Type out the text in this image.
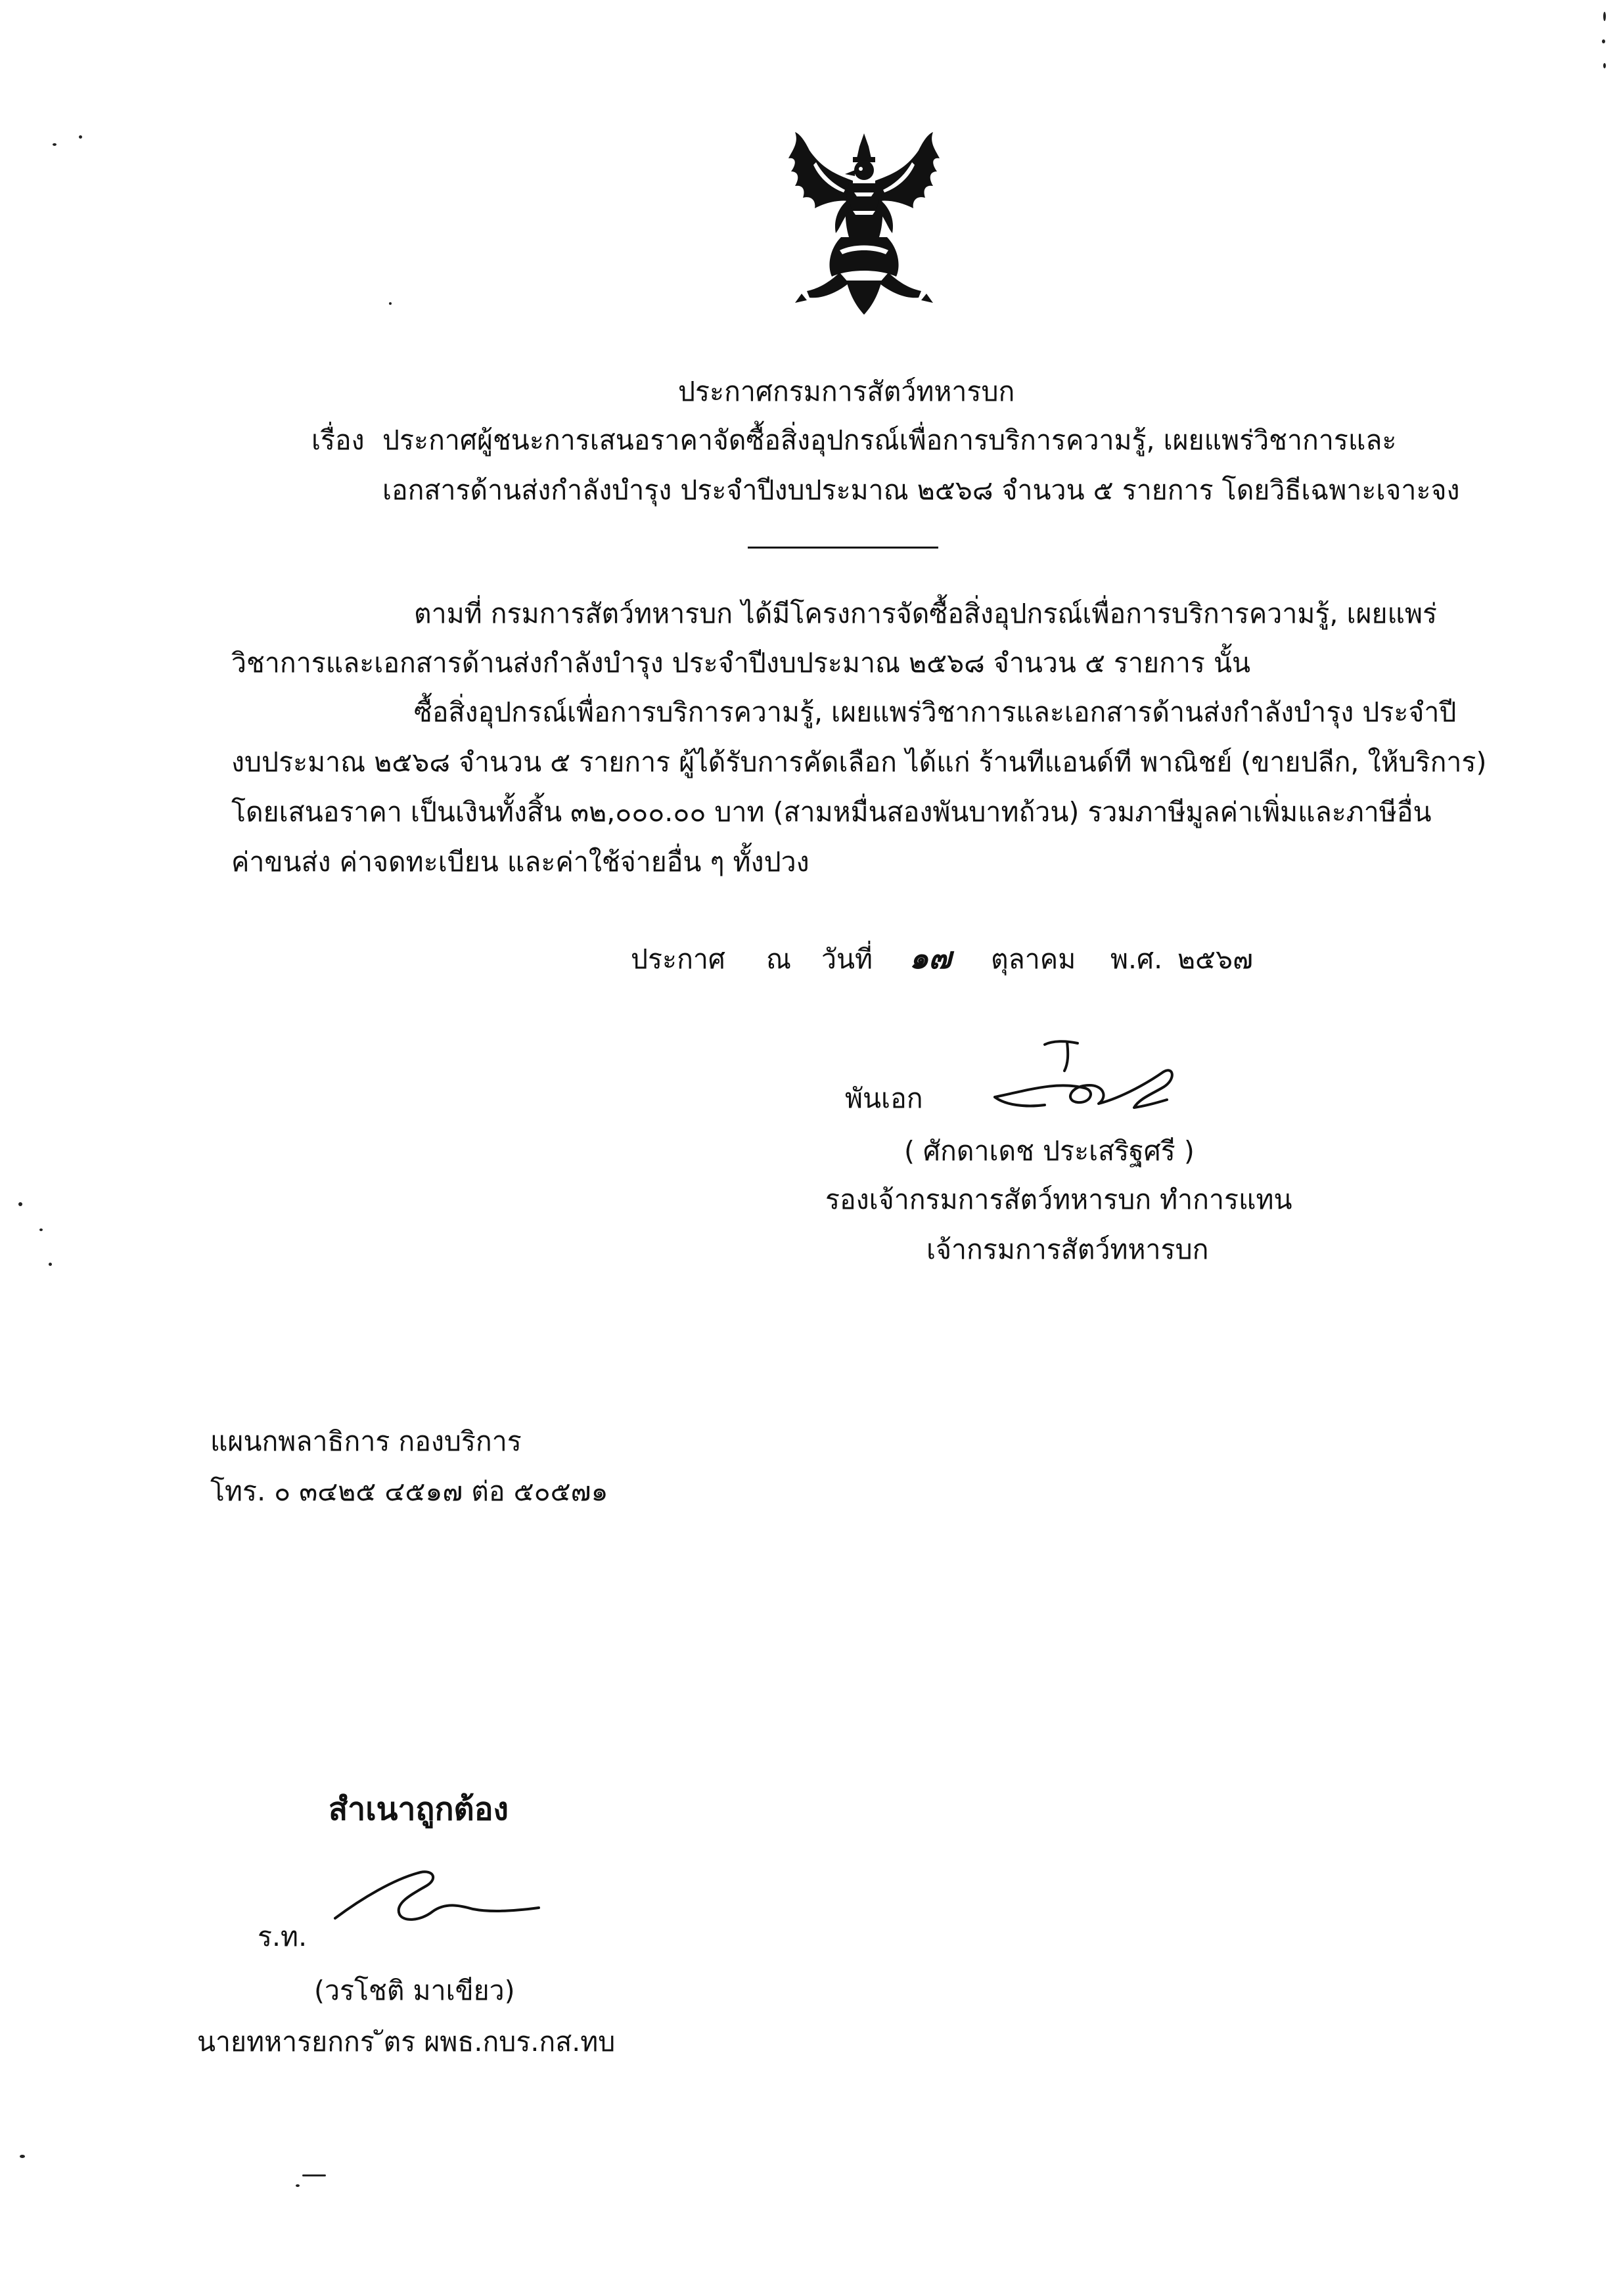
ประกาศกรมการสัตว์ทหารบก
เรื่อง ประกาศผู้ชนะการเสนอราคาจัดซื้อสิ่งอุปกรณ์เพื่อการบริการความรู้, เผยแพร่วิชาการและ
เอกสารด้านส่งกำลังบำรุง ประจำปีงบประมาณ ๒๕๖๘ จำนวน ๕ รายการ โดยวิธีเฉพาะเจาะจง
ตามที่ กรมการสัตว์ทหารบก ได้มีโครงการจัดซื้อสิ่งอุปกรณ์เพื่อการบริการความรู้, เผยแพร่
วิชาการและเอกสารด้านส่งกำลังบำรุง ประจำปีงบประมาณ ๒๕๖๘ จำนวน ๕ รายการ นั้น
ซื้อสิ่งอุปกรณ์เพื่อการบริการความรู้, เผยแพร่วิชาการและเอกสารด้านส่งกำลังบำรุง ประจำปี
งบประมาณ ๒๕๖๘ จำนวน ๕ รายการ ผู้ได้รับการคัดเลือก ได้แก่ ร้านทีแอนด์ที พาณิชย์ (ขายปลีก, ให้บริการ)
โดยเสนอราคา เป็นเงินทั้งสิ้น ๓๒,๐๐๐.๐๐ บาท (สามหมื่นสองพันบาทถ้วน) รวมภาษีมูลค่าเพิ่มและภาษีอื่น
ค่าขนส่ง ค่าจดทะเบียน และค่าใช้จ่ายอื่น ๆ ทั้งปวง
ประกาศ ณ วันที่ ๑๗ ตุลาคม พ.ศ. ๒๕๖๗
พันเอก
( ศักดาเดช ประเสริฐศรี )
รองเจ้ากรมการสัตว์ทหารบก ทำการแทน
เจ้ากรมการสัตว์ทหารบก
แผนกพลาธิการ กองบริการ
โทร. ๐ ๓๔๒๕ ๔๕๑๗ ต่อ ๕๐๕๗๑
สำเนาถูกต้อง
ร.ท.
(วรโชติ มาเขียว)
นายทหารยกกร ัตร ผพธ.กบร.กส.ทบ
